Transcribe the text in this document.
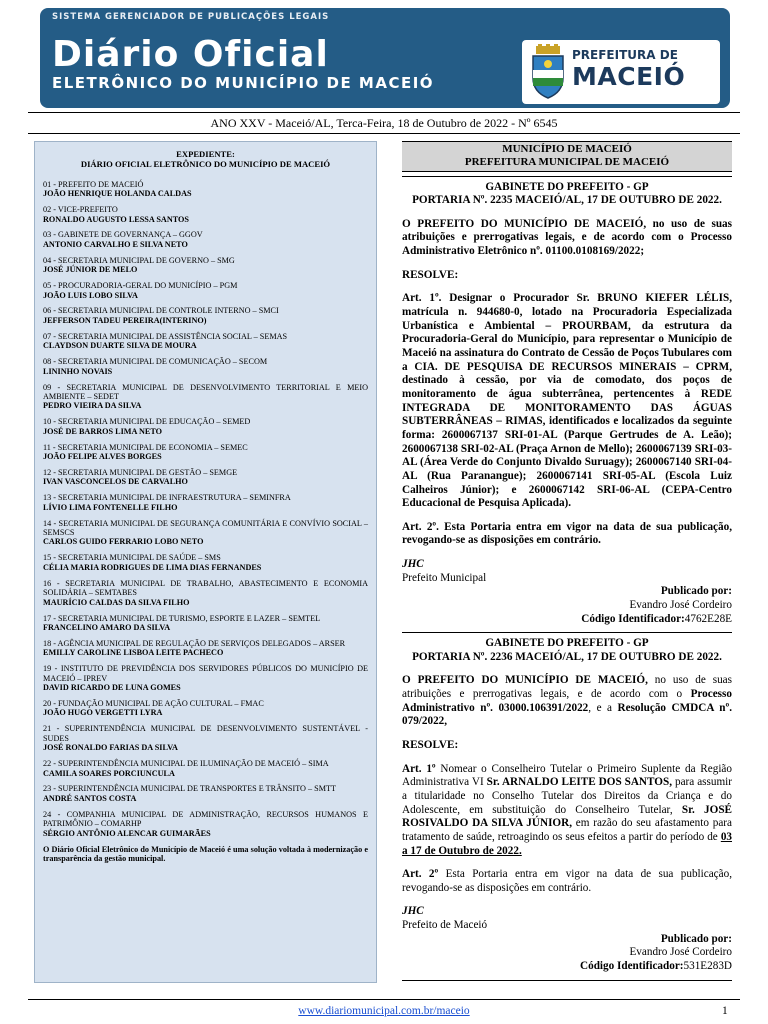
SISTEMA GERENCIADOR DE PUBLICAÇÕES LEGAIS
Diário Oficial
ELETRÔNICO DO MUNICÍPIO DE MACEIÓ
PREFEITURA DE
MACEIÓ
ANO XXV - Maceió/AL, Terca-Feira, 18 de Outubro de 2022 - Nº 6545
EXPEDIENTE:
DIÁRIO OFICIAL ELETRÔNICO DO MUNICÍPIO DE MACEIÓ
01 - PREFEITO DE MACEIÓ
JOÃO HENRIQUE HOLANDA CALDAS
02 - VICE-PREFEITO
RONALDO AUGUSTO LESSA SANTOS
03 - GABINETE DE GOVERNANÇA – GGOV
ANTONIO CARVALHO E SILVA NETO
04 - SECRETARIA MUNICIPAL DE GOVERNO – SMG
JOSÉ JÚNIOR DE MELO
05 - PROCURADORIA-GERAL DO MUNICÍPIO – PGM
JOÃO LUIS LOBO SILVA
06 - SECRETARIA MUNICIPAL DE CONTROLE INTERNO – SMCI
JEFFERSON TADEU PEREIRA(INTERINO)
07 - SECRETARIA MUNICIPAL DE ASSISTÊNCIA SOCIAL – SEMAS
CLAYDSON DUARTE SILVA DE MOURA
08 - SECRETARIA MUNICIPAL DE COMUNICAÇÃO – SECOM
LININHO NOVAIS
09 - SECRETARIA MUNICIPAL DE DESENVOLVIMENTO TERRITORIAL E MEIO AMBIENTE – SEDET
PEDRO VIEIRA DA SILVA
10 - SECRETARIA MUNICIPAL DE EDUCAÇÃO – SEMED
JOSÉ DE BARROS LIMA NETO
11 - SECRETARIA MUNICIPAL DE ECONOMIA – SEMEC
JOÃO FELIPE ALVES BORGES
12 - SECRETARIA MUNICIPAL DE GESTÃO – SEMGE
IVAN VASCONCELOS DE CARVALHO
13 - SECRETARIA MUNICIPAL DE INFRAESTRUTURA – SEMINFRA
LÍVIO LIMA FONTENELLE FILHO
14 - SECRETARIA MUNICIPAL DE SEGURANÇA COMUNITÁRIA E CONVÍVIO SOCIAL – SEMSCS
CARLOS GUIDO FERRARIO LOBO NETO
15 - SECRETARIA MUNICIPAL DE SAÚDE – SMS
CÉLIA MARIA RODRIGUES DE LIMA DIAS FERNANDES
16 - SECRETARIA MUNICIPAL DE TRABALHO, ABASTECIMENTO E ECONOMIA SOLIDÁRIA – SEMTABES
MAURÍCIO CALDAS DA SILVA FILHO
17 - SECRETARIA MUNICIPAL DE TURISMO, ESPORTE E LAZER – SEMTEL
FRANCELINO AMARO DA SILVA
18 - AGÊNCIA MUNICIPAL DE REGULAÇÃO DE SERVIÇOS DELEGADOS – ARSER
EMILLY CAROLINE LISBOA LEITE PACHECO
19 - INSTITUTO DE PREVIDÊNCIA DOS SERVIDORES PÚBLICOS DO MUNICÍPIO DE MACEIÓ – IPREV
DAVID RICARDO DE LUNA GOMES
20 - FUNDAÇÃO MUNICIPAL DE AÇÃO CULTURAL – FMAC
JOÃO HUGO VERGETTI LYRA
21 - SUPERINTENDÊNCIA MUNICIPAL DE DESENVOLVIMENTO SUSTENTÁVEL - SUDES
JOSÉ RONALDO FARIAS DA SILVA
22 - SUPERINTENDÊNCIA MUNICIPAL DE ILUMINAÇÃO DE MACEIÓ – SIMA
CAMILA SOARES PORCIUNCULA
23 - SUPERINTENDÊNCIA MUNICIPAL DE TRANSPORTES E TRÂNSITO – SMTT
ANDRÉ SANTOS COSTA
24 - COMPANHIA MUNICIPAL DE ADMINISTRAÇÃO, RECURSOS HUMANOS E PATRIMÔNIO – COMARHP
SÉRGIO ANTÔNIO ALENCAR GUIMARÃES
O Diário Oficial Eletrônico do Município de Maceió é uma solução voltada à modernização e transparência da gestão municipal.
MUNICÍPIO DE MACEIÓ
PREFEITURA MUNICIPAL DE MACEIÓ
GABINETE DO PREFEITO - GP
PORTARIA Nº. 2235 MACEIÓ/AL, 17 DE OUTUBRO DE 2022.
O PREFEITO DO MUNICÍPIO DE MACEIÓ, no uso de suas atribuições e prerrogativas legais, e de acordo com o Processo Administrativo Eletrônico nº. 01100.0108169/2022;
RESOLVE:
Art. 1º. Designar o Procurador Sr. BRUNO KIEFER LÉLIS, matrícula n. 944680-0, lotado na Procuradoria Especializada Urbanística e Ambiental – PROURBAM, da estrutura da Procuradoria-Geral do Município, para representar o Município de Maceió na assinatura do Contrato de Cessão de Poços Tubulares com a CIA. DE PESQUISA DE RECURSOS MINERAIS – CPRM, destinado à cessão, por via de comodato, dos poços de monitoramento de água subterrânea, pertencentes à REDE INTEGRADA DE MONITORAMENTO DAS ÁGUAS SUBTERRÂNEAS – RIMAS, identificados e localizados da seguinte forma: 2600067137 SRI-01-AL (Parque Gertrudes de A. Leão); 2600067138 SRI-02-AL (Praça Arnon de Mello); 2600067139 SRI-03-AL (Área Verde do Conjunto Divaldo Suruagy); 2600067140 SRI-04-AL (Rua Paranangue); 2600067141 SRI-05-AL (Escola Luiz Calheiros Júnior); e 2600067142 SRI-06-AL (CEPA-Centro Educacional de Pesquisa Aplicada).
Art. 2º. Esta Portaria entra em vigor na data de sua publicação, revogando-se as disposições em contrário.
JHC
Prefeito Municipal
Publicado por:
Evandro José Cordeiro
Código Identificador:4762E28E
GABINETE DO PREFEITO - GP
PORTARIA Nº. 2236 MACEIÓ/AL, 17 DE OUTUBRO DE 2022.
O PREFEITO DO MUNICÍPIO DE MACEIÓ, no uso de suas atribuições e prerrogativas legais, e de acordo com o Processo Administrativo nº. 03000.106391/2022, e a Resolução CMDCA nº. 079/2022,
RESOLVE:
Art. 1º Nomear o Conselheiro Tutelar o Primeiro Suplente da Região Administrativa VI Sr. ARNALDO LEITE DOS SANTOS, para assumir a titularidade no Conselho Tutelar dos Direitos da Criança e do Adolescente, em substituição do Conselheiro Tutelar, Sr. JOSÉ ROSIVALDO DA SILVA JÚNIOR, em razão do seu afastamento para tratamento de saúde, retroagindo os seus efeitos a partir do período de 03 a 17 de Outubro de 2022.
Art. 2º Esta Portaria entra em vigor na data de sua publicação, revogando-se as disposições em contrário.
JHC
Prefeito de Maceió
Publicado por:
Evandro José Cordeiro
Código Identificador:531E283D
www.diariomunicipal.com.br/maceio	1
